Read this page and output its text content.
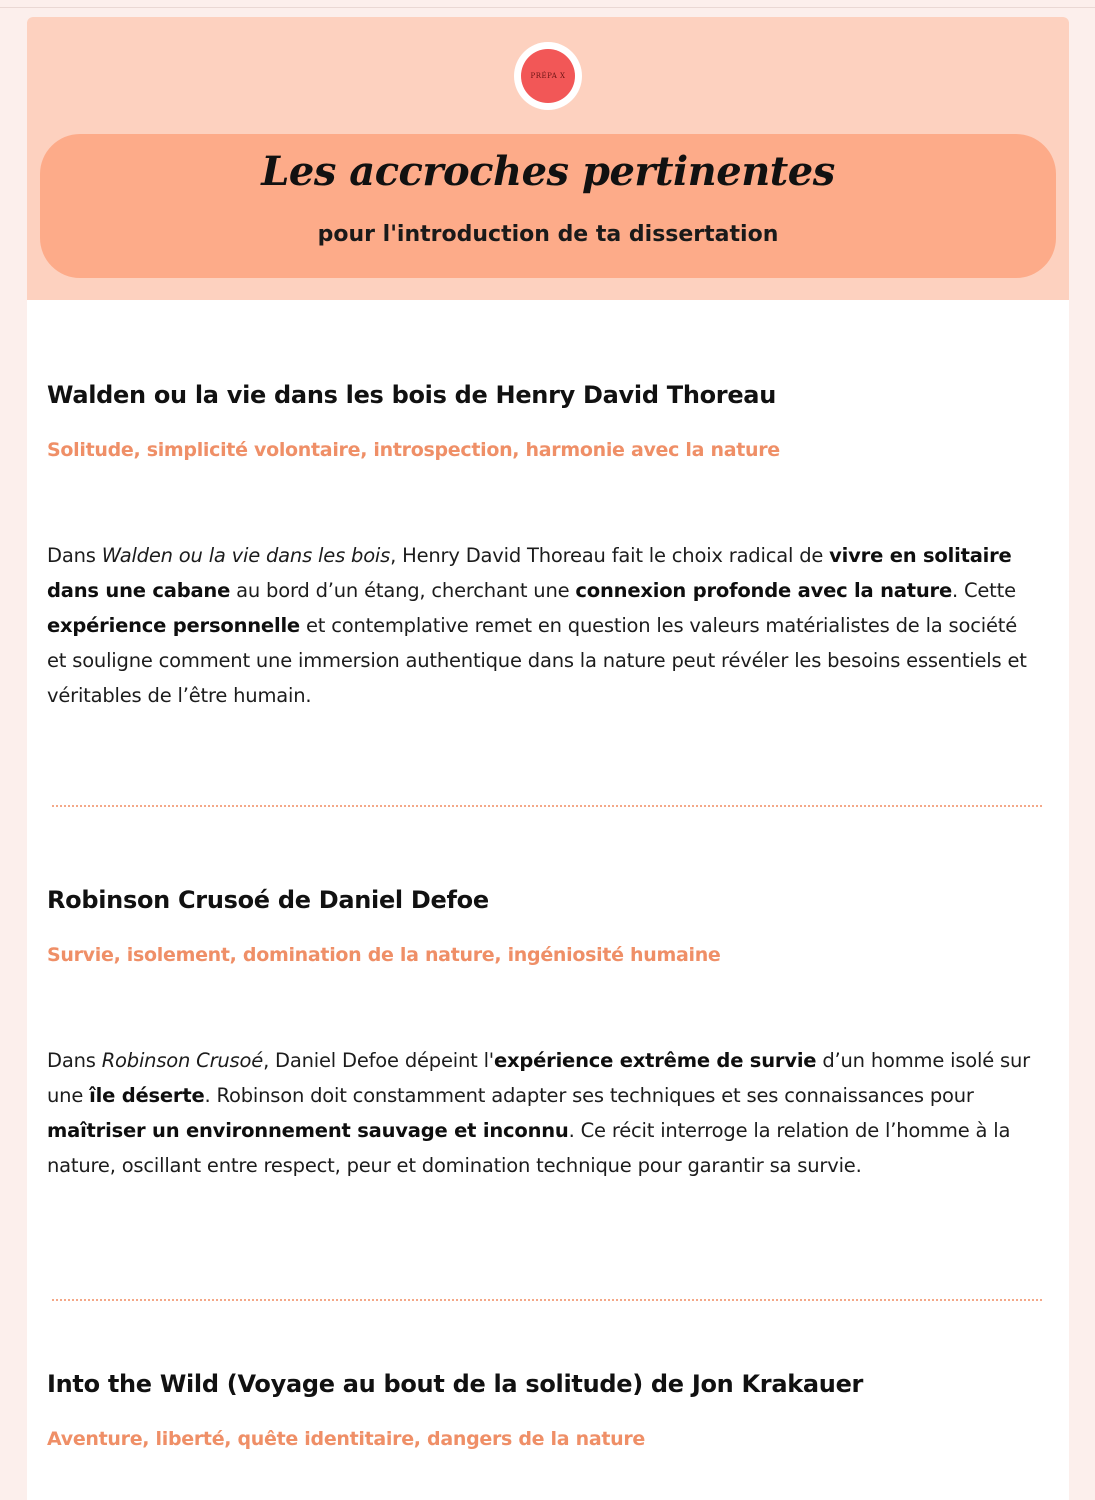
PRÉPA X
Les accroches pertinentes
pour l'introduction de ta dissertation
Walden ou la vie dans les bois de Henry David Thoreau
Solitude, simplicité volontaire, introspection, harmonie avec la nature
Dans Walden ou la vie dans les bois, Henry David Thoreau fait le choix radical de vivre en solitaire dans une cabane au bord d’un étang, cherchant une connexion profonde avec la nature. Cette expérience personnelle et contemplative remet en question les valeurs matérialistes de la société et souligne comment une immersion authentique dans la nature peut révéler les besoins essentiels et véritables de l’être humain.
Robinson Crusoé de Daniel Defoe
Survie, isolement, domination de la nature, ingéniosité humaine
Dans Robinson Crusoé, Daniel Defoe dépeint l'expérience extrême de survie d’un homme isolé sur une île déserte. Robinson doit constamment adapter ses techniques et ses connaissances pour maîtriser un environnement sauvage et inconnu. Ce récit interroge la relation de l’homme à la nature, oscillant entre respect, peur et domination technique pour garantir sa survie.
Into the Wild (Voyage au bout de la solitude) de Jon Krakauer
Aventure, liberté, quête identitaire, dangers de la nature
